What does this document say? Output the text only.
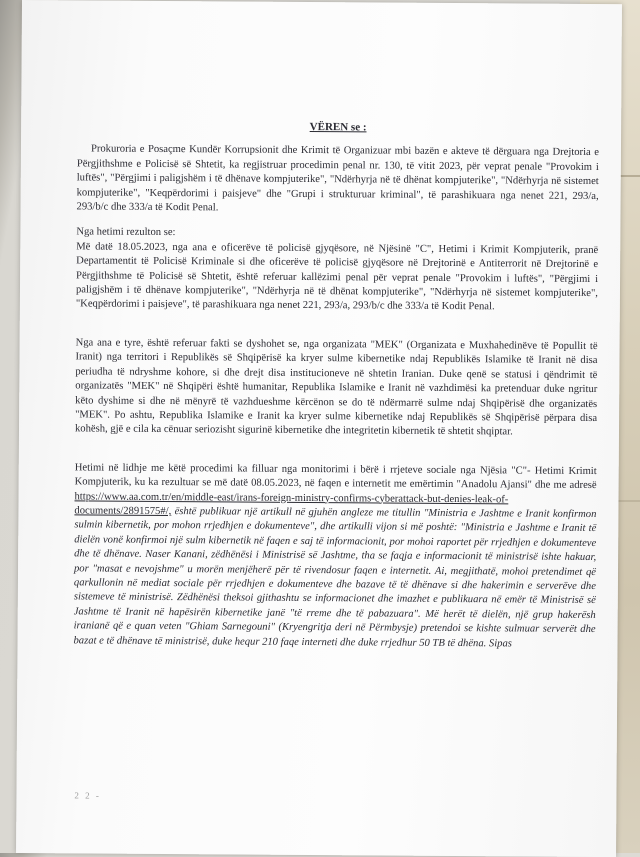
VËREN se :

Prokuroria e Posaçme Kundër Korrupsionit dhe Krimit të Organizuar mbi bazën e akteve të dërguara nga Drejtoria e Përgjithshme e Policisë së Shtetit, ka regjistruar procedimin penal nr. 130, të vitit 2023, për veprat penale "Provokim i luftës", "Përgjimi i paligjshëm i të dhënave kompjuterike", "Ndërhyrja në të dhënat kompjuterike", "Ndërhyrja në sistemet kompjuterike", "Keqpërdorimi i paisjeve" dhe "Grupi i strukturuar kriminal", të parashikuara nga nenet 221, 293/a, 293/b/c dhe 333/a të Kodit Penal.

Nga hetimi rezulton se:

Më datë 18.05.2023, nga ana e oficerëve të policisë gjyqësore, në Njësinë "C", Hetimi i Krimit Kompjuterik, pranë Departamentit të Policisë Kriminale si dhe oficerëve të policisë gjyqësore në Drejtorinë e Antiterrorit në Drejtorinë e Përgjithshme të Policisë së Shtetit, është referuar kallëzimi penal për veprat penale "Provokim i luftës", "Përgjimi i paligjshëm i të dhënave kompjuterike", "Ndërhyrja në të dhënat kompjuterike", "Ndërhyrja në sistemet kompjuterike", "Keqpërdorimi i paisjeve", të parashikuara nga nenet 221, 293/a, 293/b/c dhe 333/a të Kodit Penal.

Nga ana e tyre, është referuar fakti se dyshohet se, nga organizata "MEK" (Organizata e Muxhahedinëve të Popullit të Iranit) nga territori i Republikës së Shqipërisë ka kryer sulme kibernetike ndaj Republikës Islamike të Iranit në disa periudha të ndryshme kohore, si dhe drejt disa institucioneve në shtetin Iranian. Duke qenë se statusi i qëndrimit të organizatës "MEK" në Shqipëri është humanitar, Republika Islamike e Iranit në vazhdimësi ka pretenduar duke ngritur këto dyshime si dhe në mënyrë të vazhdueshme kërcënon se do të ndërmarrë sulme ndaj Shqipërisë dhe organizatës "MEK". Po ashtu, Republika Islamike e Iranit ka kryer sulme kibernetike ndaj Republikës së Shqipërisë përpara disa kohësh, gjë e cila ka cënuar seriozisht sigurinë kibernetike dhe integritetin kibernetik të shtetit shqiptar.

Hetimi në lidhje me këtë procedimi ka filluar nga monitorimi i bërë i rrjeteve sociale nga Njësia "C"- Hetimi Krimit Kompjuterik, ku ka rezultuar se më datë 08.05.2023, në faqen e internetit me emërtimin "Anadolu Ajansi" dhe me adresë https://www.aa.com.tr/en/middle-east/irans-foreign-ministry-confirms-cyberattack-but-denies-leak-of-documents/2891575#/, është publikuar një artikull në gjuhën angleze me titullin "Ministria e Jashtme e Iranit konfirmon sulmin kibernetik, por mohon rrjedhjen e dokumenteve", dhe artikulli vijon si më poshtë: "Ministria e Jashtme e Iranit të dielën vonë konfirmoi një sulm kibernetik në faqen e saj të informacionit, por mohoi raportet për rrjedhjen e dokumenteve dhe të dhënave. Naser Kanani, zëdhënësi i Ministrisë së Jashtme, tha se faqja e informacionit të ministrisë ishte hakuar, por "masat e nevojshme" u morën menjëherë për të rivendosur faqen e internetit. Ai, megjithatë, mohoi pretendimet që qarkullonin në mediat sociale për rrjedhjen e dokumenteve dhe bazave të të dhënave si dhe hakerimin e serverëve dhe sistemeve të ministrisë. Zëdhënësi theksoi gjithashtu se informacionet dhe imazhet e publikuara në emër të Ministrisë së Jashtme të Iranit në hapësirën kibernetike janë "të rreme dhe të pabazuara". Më herët të dielën, një grup hakerësh iranianë që e quan veten "Ghiam Sarnegouni" (Kryengritja deri në Përmbysje) pretendoi se kishte sulmuar serverët dhe bazat e të dhënave të ministrisë, duke hequr 210 faqe interneti dhe duke rrjedhur 50 TB të dhëna. Sipas

2 2 -
